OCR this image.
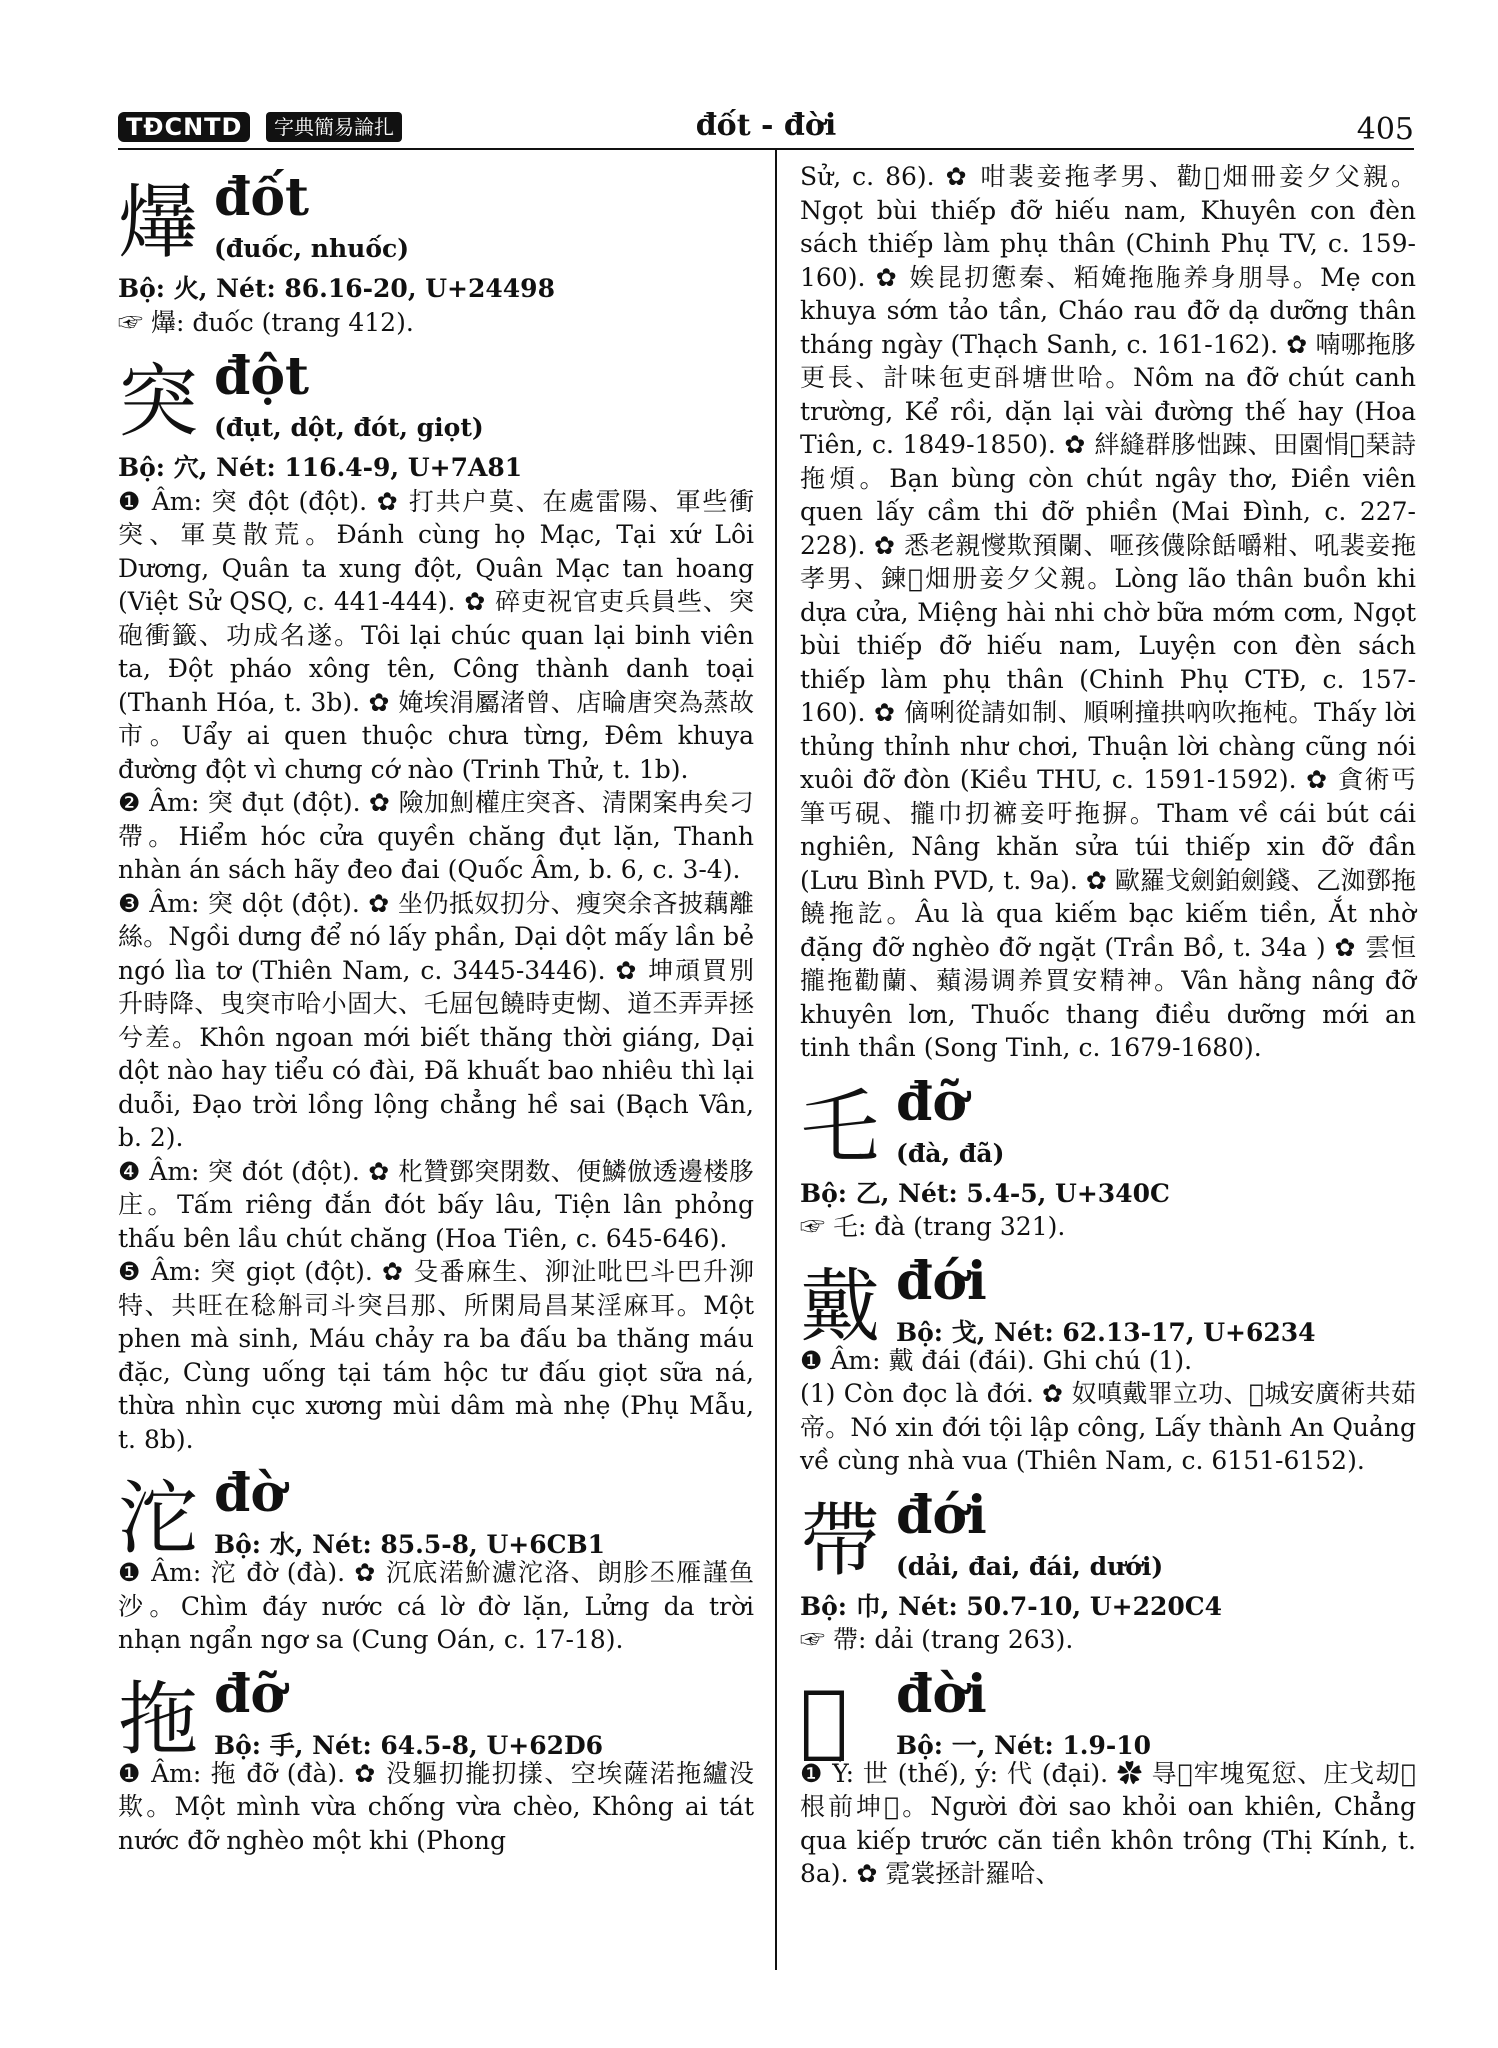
TĐCNTD	字典簡易論扎	đốt - đời	405
爗 đốt
(đuốc, nhuốc)

Bộ: 火, Nét: 86.16-20, U+24498

☞ 爗: đuốc (trang 412).

突 đột
(đụt, dột, đót, giọt)

Bộ: 穴, Nét: 116.4-9, U+7A81

❶ Âm: 突 đột (đột). ✿ 打共户莫、在處雷陽、軍些衝突、軍莫散荒。Đánh cùng họ Mạc, Tại xứ Lôi Dương, Quân ta xung đột, Quân Mạc tan hoang (Việt Sử QSQ, c. 441-444). ✿ 碎吏祝官吏兵員些、突砲衝籤、功成名遂。Tôi lại chúc quan lại binh viên ta, Đột pháo xông tên, Công thành danh toại (Thanh Hóa, t. 3b). ✿ 㛪埃涓屬渚曾、店㫻唐突為蒸故市。Uẩy ai quen thuộc chưa từng, Đêm khuya đường đột vì chưng cớ nào (Trinh Thử, t. 1b).

❷ Âm: 突 đụt (đột). ✿ 險加魝權庄突吝、清閑案冉矣刁帶。Hiểm hóc cửa quyền chăng đụt lặn, Thanh nhàn án sách hãy đeo đai (Quốc Âm, b. 6, c. 3-4).

❸ Âm: 突 dột (đột). ✿ 坐仍抵奴㧅分、瘦突余吝披藕離絲。Ngồi dưng để nó lấy phần, Dại dột mấy lần bẻ ngó lìa tơ (Thiên Nam, c. 3445-3446). ✿ 坤頑買別升時降、曳突市哈小固大、乇屈包饒時吏㥘、道丕弄弄拯兮差。Khôn ngoan mới biết thăng thời giáng, Dại dột nào hay tiểu có đài, Đã khuất bao nhiêu thì lại duỗi, Đạo trời lồng lộng chẳng hề sai (Bạch Vân, b. 2).

❹ Âm: 突 đót (đột). ✿ 朼贊鄧突閉数、便鱗倣透邊楼䏧庄。Tấm riêng đắn đót bấy lâu, Tiện lân phỏng thấu bên lầu chút chăng (Hoa Tiên, c. 645-646).

❺ Âm: 突 giọt (đột). ✿ 殳番麻生、泖沚吡巴斗巴升泖特、共旺在稔斛司斗突吕那、所閑局昌某淫麻耳。Một phen mà sinh, Máu chảy ra ba đấu ba thăng máu đặc, Cùng uống tại tám hộc tư đấu giọt sữa ná, thừa nhìn cục xương mùi dâm mà nhẹ (Phụ Mẫu, t. 8b).

沱 đờ
Bộ: 水, Nét: 85.5-8, U+6CB1

❶ Âm: 沱 đờ (đà). ✿ 沉底渃魪濾沱洛、朗胗丕雁謹鱼沙。Chìm đáy nước cá lờ đờ lặn, Lửng da trời nhạn ngẩn ngơ sa (Cung Oán, c. 17-18).

拖 đỡ
Bộ: 手, Nét: 64.5-8, U+62D6

❶ Âm: 拖 đỡ (đà). ✿ 没軀㧅㨢㧅㨾、空埃薩渃拖纑没欺。Một mình vừa chống vừa chèo, Không ai tát nước đỡ nghèo một khi (Phong

Sử, c. 86). ✿ 咁裴妾拖孝男、勸𤋵畑冊妾夕父親。Ngọt bùi thiếp đỡ hiếu nam, Khuyên con đèn sách thiếp làm phụ thân (Chinh Phụ TV, c. 159-160). ✿ 娭昆㧅㦣秦、粨㛪拖胣养身朋㝵。Mẹ con khuya sớm tảo tần, Cháo rau đỡ dạ dưỡng thân tháng ngày (Thạch Sanh, c. 161-162). ✿ 喃哪拖䏧更長、計味㐌吏㪶塘世哈。Nôm na đỡ chút canh trường, Kể rồi, dặn lại vài đường thế hay (Hoa Tiên, c. 1849-1850). ✿ 絆縫群䏧㤕踈、田園悁𥘀琹詩拖煩。Bạn bùng còn chút ngây thơ, Điền viên quen lấy cầm thi đỡ phiền (Mai Đình, c. 227-228). ✿ 悉老親㦪欺預闌、咂孩㒝除餂嚼粓、吼裴妾拖孝男、鍊𤋵畑册妾夕父親。Lòng lão thân buồn khi dựa cửa, Miệng hài nhi chờ bữa mớm cơm, Ngọt bùi thiếp đỡ hiếu nam, Luyện con đèn sách thiếp làm phụ thân (Chinh Phụ CTĐ, c. 157-160). ✿ 㒀唎從請如制、順唎撞拱吶吹拖杶。Thấy lời thủng thỉnh như chơi, Thuận lời chàng cũng nói xuôi đỡ đòn (Kiều THU, c. 1591-1592). ✿ 貪術丐筆丐硯、攏巾㧅褯妾吁拖摒。Tham về cái bút cái nghiên, Nâng khăn sửa túi thiếp xin đỡ đần (Lưu Bình PVD, t. 9a). ✿ 歐羅戈劍鉑劍錢、乙洳鄧拖饒拖訖。Âu là qua kiếm bạc kiếm tiền, Ắt nhờ đặng đỡ nghèo đỡ ngặt (Trần Bồ, t. 34a ) ✿ 雲恒攏拖勸蘭、蘱湯调养買安精神。Vân hằng nâng đỡ khuyên lơn, Thuốc thang điều dưỡng mới an tinh thần (Song Tinh, c. 1679-1680).

乇 đỡ
(đà, đã)

Bộ: 乙, Nét: 5.4-5, U+340C

☞ 乇: đà (trang 321).

戴 đới
Bộ: 戈, Nét: 62.13-17, U+6234

❶ Âm: 戴 đái (đái). Ghi chú (1).

(1) Còn đọc là đới. ✿ 奴嗔戴罪立功、𥘀城安廣術共茹帝。Nó xin đới tội lập công, Lấy thành An Quảng về cùng nhà vua (Thiên Nam, c. 6151-6152).

帶 đới
(dải, đai, đái, dưới)

Bộ: 巾, Nét: 50.7-10, U+220C4

☞ 帶: dải (trang 263).

𠁀 đời
Bộ: 一, Nét: 1.9-10

❶ Ý: 世 (thế), ý: 代 (đại). ✿ 㝵𠁀牢塊冤愆、庄戈刧𣋚根前坤𣌋。Người đời sao khỏi oan khiên, Chẳng qua kiếp trước căn tiền khôn trông (Thị Kính, t. 8a). ✿ 霓裳拯計羅哈、
